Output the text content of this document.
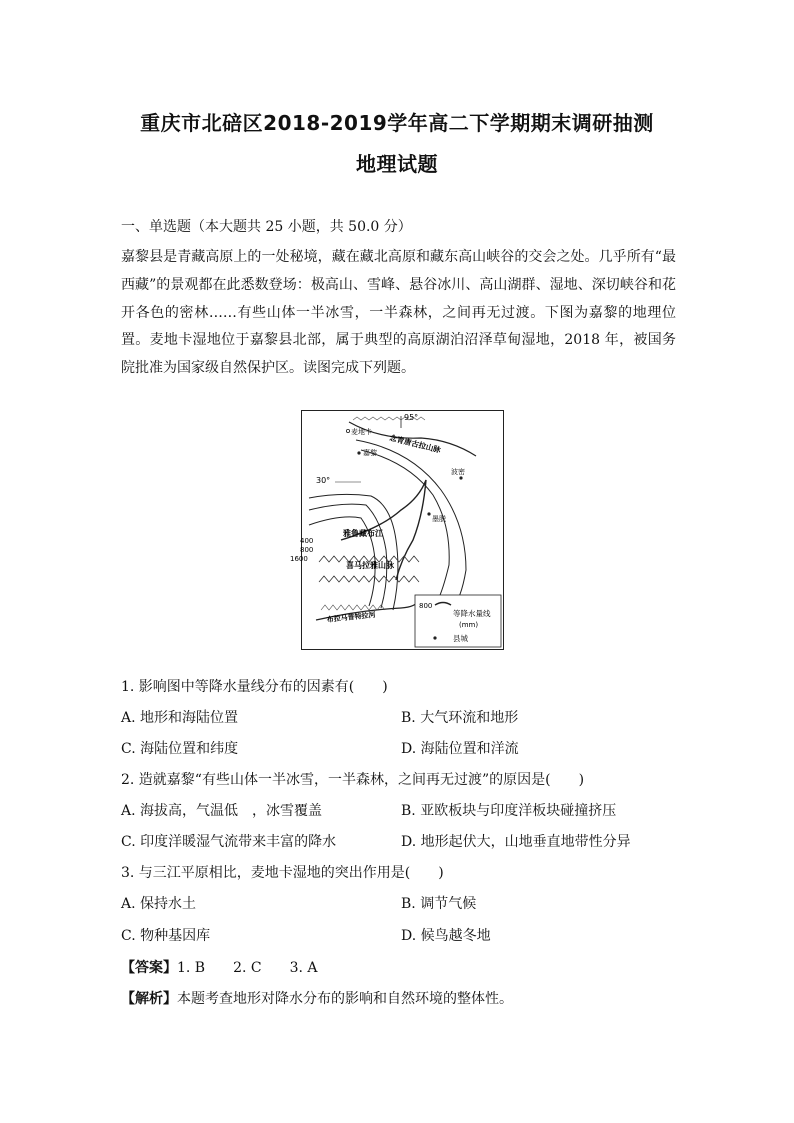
重庆市北碚区2018-2019学年高二下学期期末调研抽测
地理试题
一、单选题（本大题共 25 小题，共 50.0 分）
嘉黎县是青藏高原上的一处秘境，藏在藏北高原和藏东高山峡谷的交会之处。几乎所有“最西藏”的景观都在此悉数登场：极高山、雪峰、悬谷冰川、高山湖群、湿地、深切峡谷和花开各色的密林……有些山体一半冰雪，一半森林，之间再无过渡。下图为嘉黎的地理位置。麦地卡湿地位于嘉黎县北部，属于典型的高原湖泊沼泽草甸湿地，2018 年，被国务院批准为国家级自然保护区。读图完成下列题。
95°
30°
麦地卡
嘉黎
波密
墨脱
念青唐古拉山脉
喜马拉雅山脉
雅鲁藏布江
布拉马普特拉河
400
800
1600
800
等降水量线
(mm)
县城
1. 影响图中等降水量线分布的因素有(　　)
A. 地形和海陆位置	B. 大气环流和地形
C. 海陆位置和纬度	D. 海陆位置和洋流
2. 造就嘉黎“有些山体一半冰雪，一半森林，之间再无过渡”的原因是(　　)
A. 海拔高，气温低　，冰雪覆盖	B. 亚欧板块与印度洋板块碰撞挤压
C. 印度洋暖湿气流带来丰富的降水	D. 地形起伏大，山地垂直地带性分异
3. 与三江平原相比，麦地卡湿地的突出作用是(　　)
A. 保持水土	B. 调节气候
C. 物种基因库	D. 候鸟越冬地
【答案】1. B　　2. C　　3. A
【解析】本题考查地形对降水分布的影响和自然环境的整体性。
